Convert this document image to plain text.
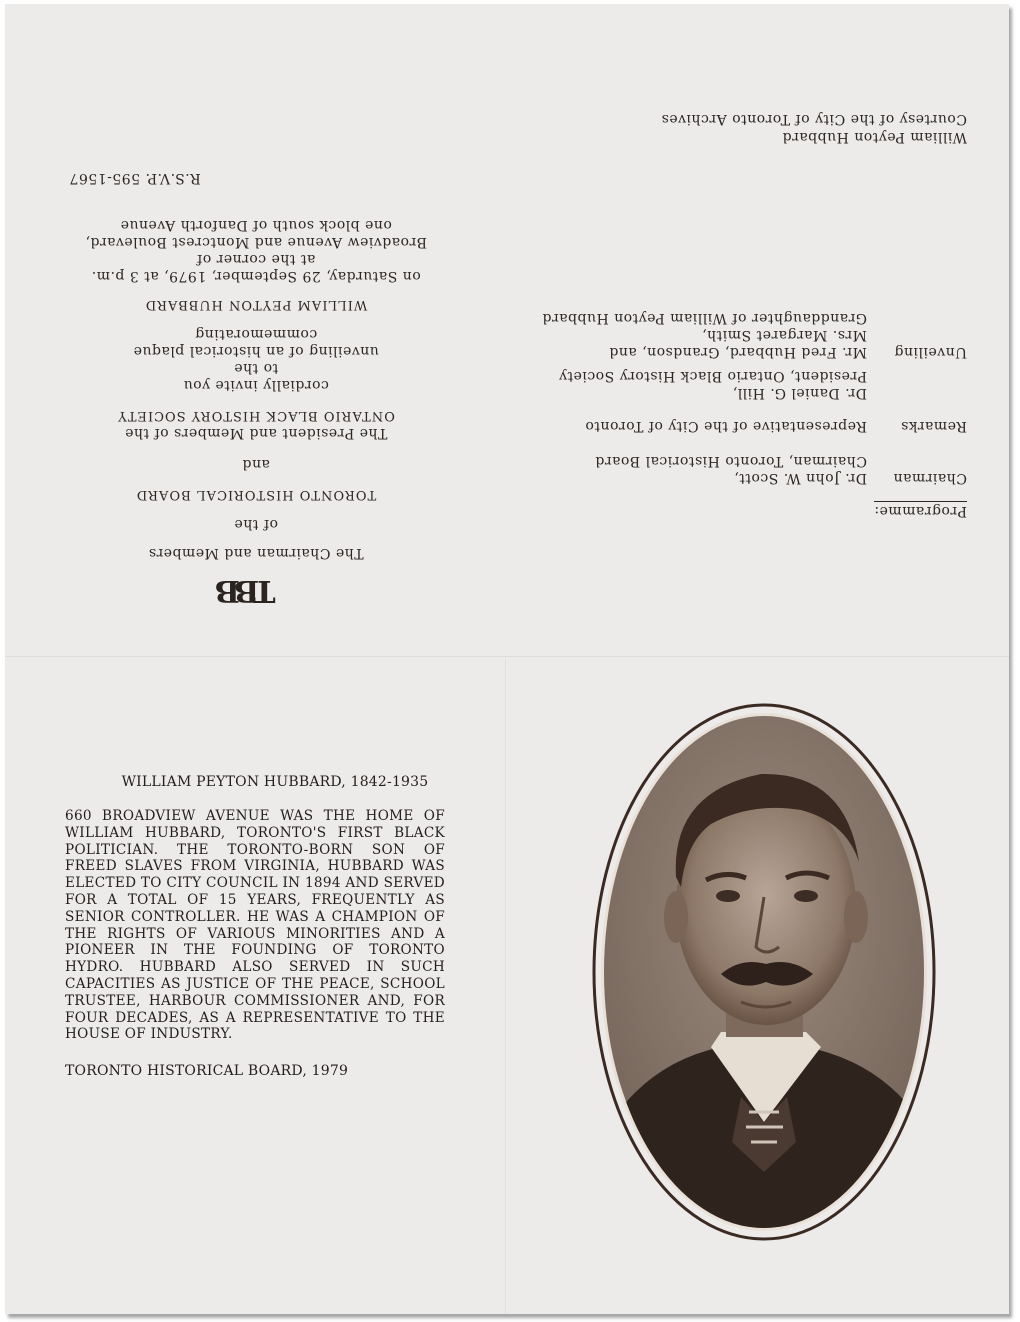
TBB
The Chairman and Members
of the
TORONTO HISTORICAL BOARD
and
The President and Members of the
ONTARIO BLACK HISTORY SOCIETY
cordially invite you
to the
unveiling of an historical plaque
commemorating
WILLIAM PEYTON HUBBARD
on Saturday, 29 September, 1979, at 3 p.m.
at the corner of
Broadview Avenue and Montcrest Boulevard,
one block south of Danforth Avenue
R.S.V.P. 595-1567
Programme:
Chairman
Dr. John W. Scott,
Chairman, Toronto Historical Board
Remarks
Representative of the City of Toronto
Dr. Daniel G. Hill,
President, Ontario Black History Society
Unveiling
Mr. Fred Hubbard, Grandson, and
Mrs. Margaret Smith,
Granddaughter of William Peyton Hubbard
William Peyton Hubbard
Courtesy of the City of Toronto Archives
WILLIAM PEYTON HUBBARD, 1842-1935
660 BROADVIEW AVENUE WAS THE HOME OF WILLIAM HUBBARD, TORONTO'S FIRST BLACK POLITICIAN. THE TORONTO-BORN SON OF FREED SLAVES FROM VIRGINIA, HUBBARD WAS ELECTED TO CITY COUNCIL IN 1894 AND SERVED FOR A TOTAL OF 15 YEARS, FREQUENTLY AS SENIOR CONTROLLER. HE WAS A CHAMPION OF THE RIGHTS OF VARIOUS MINORITIES AND A PIONEER IN THE FOUNDING OF TORONTO HYDRO. HUBBARD ALSO SERVED IN SUCH CAPACITIES AS JUSTICE OF THE PEACE, SCHOOL TRUSTEE, HARBOUR COMMISSIONER AND, FOR FOUR DECADES, AS A REPRESENTATIVE TO THE HOUSE OF INDUSTRY.
TORONTO HISTORICAL BOARD, 1979
